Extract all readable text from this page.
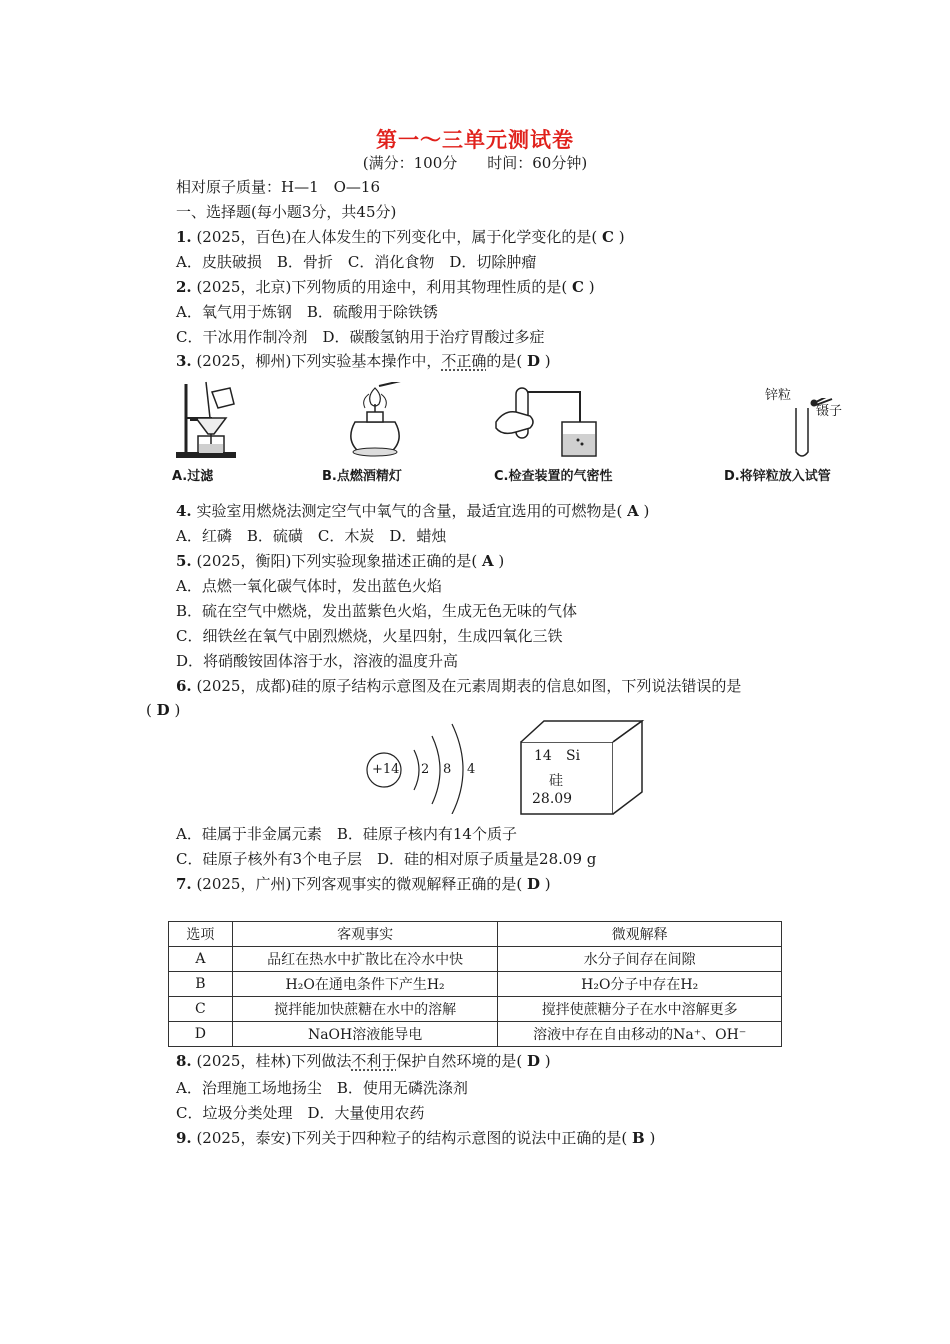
第一～三单元测试卷
(满分：100分　　时间：60分钟)
相对原子质量：H—1　O—16
一、选择题(每小题3分，共45分)
1. (2025，百色)在人体发生的下列变化中，属于化学变化的是( C )
A．皮肤破损　B．骨折　C．消化食物　D．切除肿瘤
2. (2025，北京)下列物质的用途中，利用其物理性质的是( C )
A．氧气用于炼钢　B．硫酸用于除铁锈
C．干冰用作制冷剂　D．碳酸氢钠用于治疗胃酸过多症
3. (2025，柳州)下列实验基本操作中，不正确的是( D )
A.过滤	B.点燃酒精灯	C.检查装置的气密性
锌粒
镊子
D.将锌粒放入试管
4. 实验室用燃烧法测定空气中氧气的含量，最适宜选用的可燃物是( A )
A．红磷　B．硫磺　C．木炭　D．蜡烛
5. (2025，衡阳)下列实验现象描述正确的是( A )
A．点燃一氧化碳气体时，发出蓝色火焰
B．硫在空气中燃烧，发出蓝紫色火焰，生成无色无味的气体
C．细铁丝在氧气中剧烈燃烧，火星四射，生成四氧化三铁
D．将硝酸铵固体溶于水，溶液的温度升高
6. (2025，成都)硅的原子结构示意图及在元素周期表的信息如图，下列说法错误的是
( D )
+14 2 8 4
14 Si
硅
28.09
A．硅属于非金属元素　B．硅原子核内有14个质子
C．硅原子核外有3个电子层　D．硅的相对原子质量是28.09 g
7. (2025，广州)下列客观事实的微观解释正确的是( D )
选项	客观事实	微观解释
A	品红在热水中扩散比在冷水中快	水分子间存在间隙
B	H₂O在通电条件下产生H₂	H₂O分子中存在H₂
C	搅拌能加快蔗糖在水中的溶解	搅拌使蔗糖分子在水中溶解更多
D	NaOH溶液能导电	溶液中存在自由移动的Na⁺、OH⁻
8. (2025，桂林)下列做法不利于保护自然环境的是( D )
A．治理施工场地扬尘　B．使用无磷洗涤剂
C．垃圾分类处理　D．大量使用农药
9. (2025，泰安)下列关于四种粒子的结构示意图的说法中正确的是( B )
